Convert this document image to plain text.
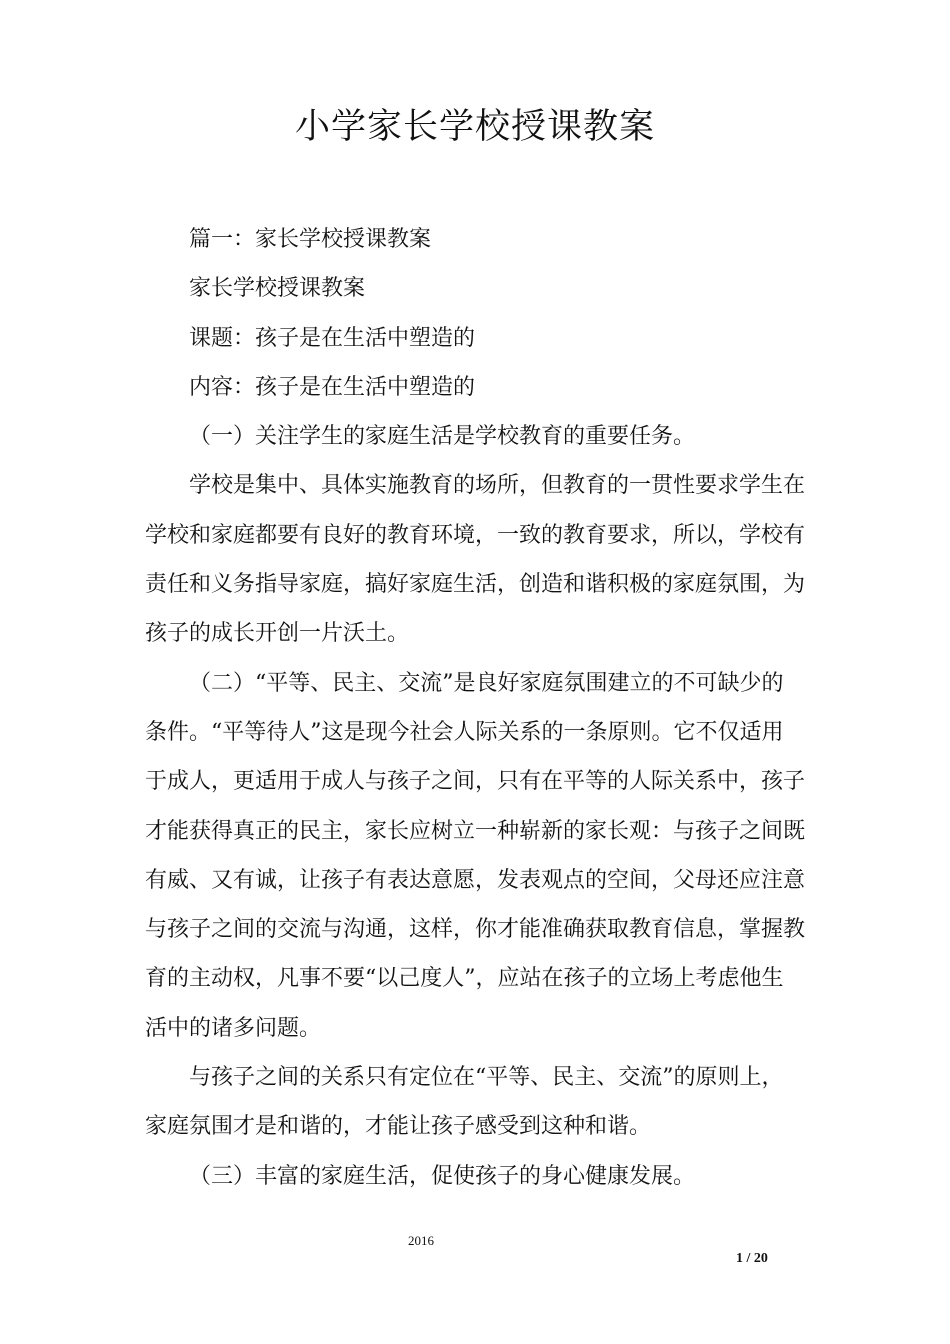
小学家长学校授课教案
篇一：家长学校授课教案
家长学校授课教案
课题：孩子是在生活中塑造的
内容：孩子是在生活中塑造的
（一）关注学生的家庭生活是学校教育的重要任务。
学校是集中、具体实施教育的场所，但教育的一贯性要求学生在
学校和家庭都要有良好的教育环境，一致的教育要求，所以，学校有
责任和义务指导家庭，搞好家庭生活，创造和谐积极的家庭氛围，为
孩子的成长开创一片沃土。
（二）“平等、民主、交流”是良好家庭氛围建立的不可缺少的
条件。“平等待人”这是现今社会人际关系的一条原则。它不仅适用
于成人，更适用于成人与孩子之间，只有在平等的人际关系中，孩子
才能获得真正的民主，家长应树立一种崭新的家长观：与孩子之间既
有威、又有诚，让孩子有表达意愿，发表观点的空间，父母还应注意
与孩子之间的交流与沟通，这样，你才能准确获取教育信息，掌握教
育的主动权，凡事不要“以己度人”，应站在孩子的立场上考虑他生
活中的诸多问题。
与孩子之间的关系只有定位在“平等、民主、交流”的原则上，
家庭氛围才是和谐的，才能让孩子感受到这种和谐。
（三）丰富的家庭生活，促使孩子的身心健康发展。
2016
1 / 20
